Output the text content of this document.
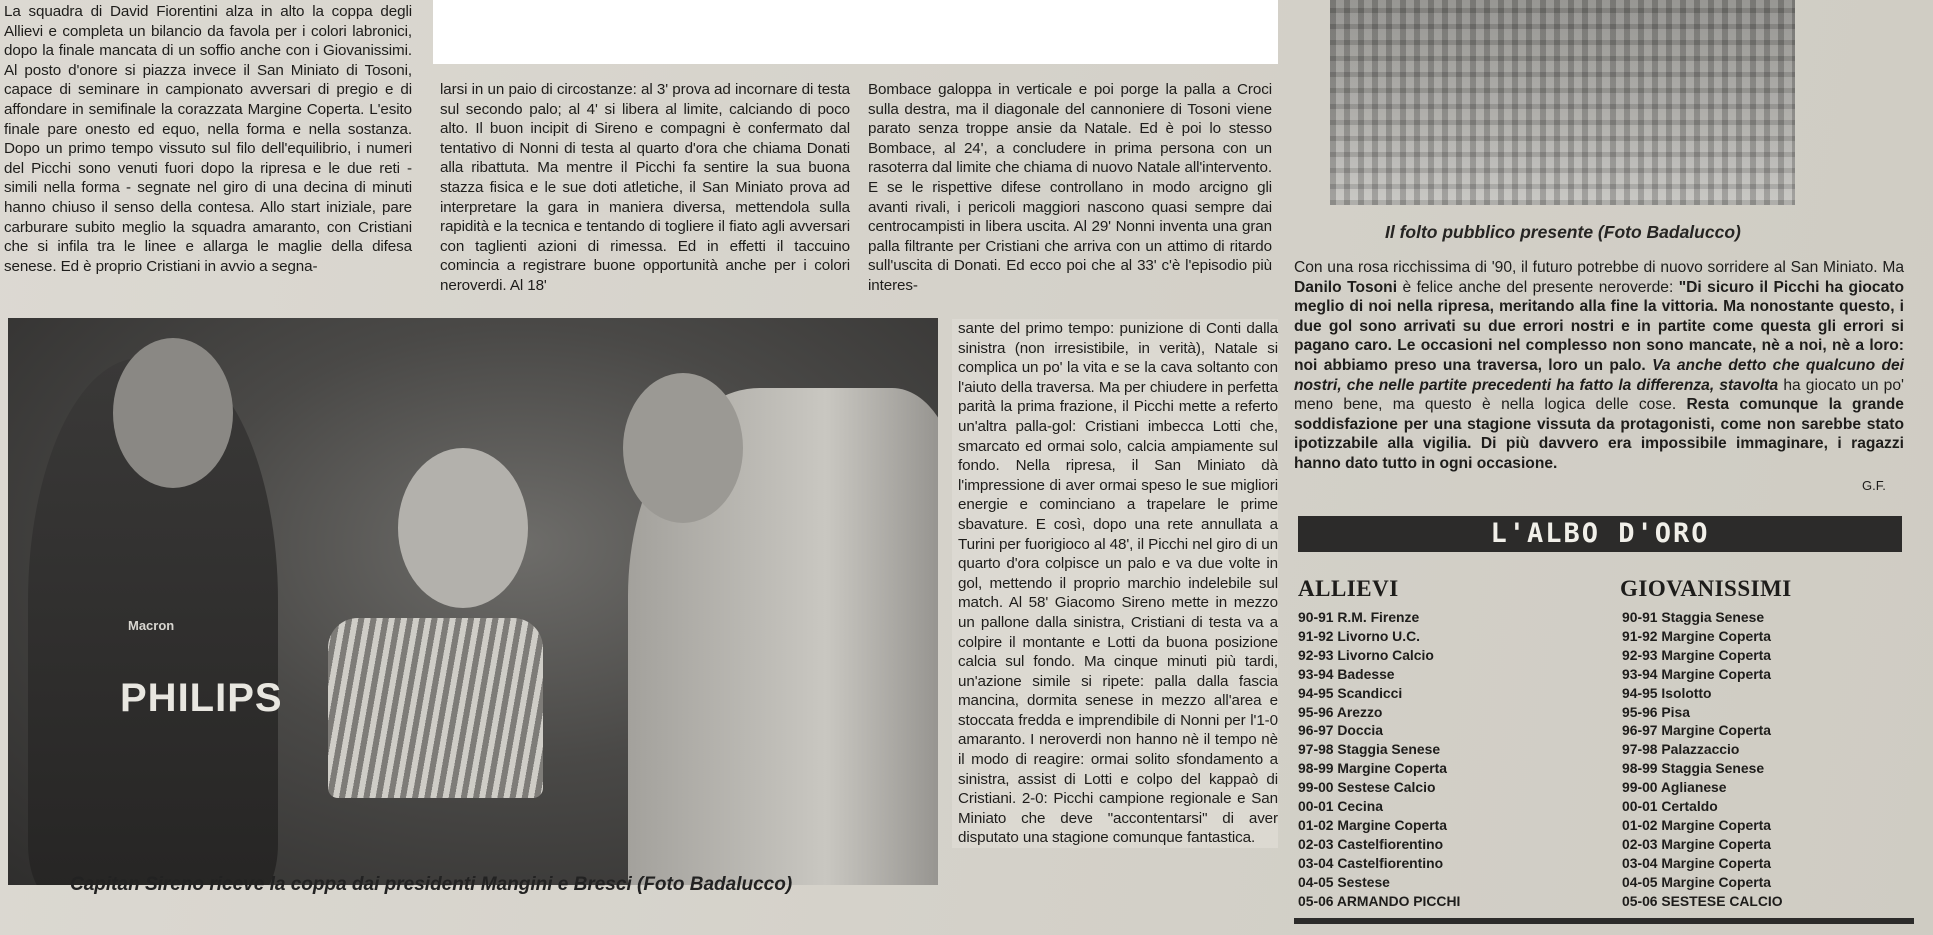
La squadra di David Fiorentini alza in alto la coppa degli Allievi e completa un bilancio da favola per i colori labronici, dopo la finale mancata di un soffio anche con i Giovanissimi. Al posto d'onore si piazza invece il San Miniato di Tosoni, capace di seminare in campionato avversari di pregio e di affondare in semifinale la corazzata Margine Coperta. L'esito finale pare onesto ed equo, nella forma e nella sostanza. Dopo un primo tempo vissuto sul filo dell'equilibrio, i numeri del Picchi sono venuti fuori dopo la ripresa e le due reti - simili nella forma - segnate nel giro di una decina di minuti hanno chiuso il senso della contesa. Allo start iniziale, pare carburare subito meglio la squadra amaranto, con Cristiani che si infila tra le linee e allarga le maglie della difesa senese. Ed è proprio Cristiani in avvio a segna-

larsi in un paio di circostanze: al 3' prova ad incornare di testa sul secondo palo; al 4' si libera al limite, calciando di poco alto. Il buon incipit di Sireno e compagni è confermato dal tentativo di Nonni di testa al quarto d'ora che chiama Donati alla ribattuta. Ma mentre il Picchi fa sentire la sua buona stazza fisica e le sue doti atletiche, il San Miniato prova ad interpretare la gara in maniera diversa, mettendola sulla rapidità e la tecnica e tentando di togliere il fiato agli avversari con taglienti azioni di rimessa. Ed in effetti il taccuino comincia a registrare buone opportunità anche per i colori neroverdi. Al 18'

Bombace galoppa in verticale e poi porge la palla a Croci sulla destra, ma il diagonale del cannoniere di Tosoni viene parato senza troppe ansie da Natale. Ed è poi lo stesso Bombace, al 24', a concludere in prima persona con un rasoterra dal limite che chiama di nuovo Natale all'intervento. E se le rispettive difese controllano in modo arcigno gli avanti rivali, i pericoli maggiori nascono quasi sempre dai centrocampisti in libera uscita. Al 29' Nonni inventa una gran palla filtrante per Cristiani che arriva con un attimo di ritardo sull'uscita di Donati. Ed ecco poi che al 33' c'è l'episodio più interes-

Macron
PHILIPS

sante del primo tempo: punizione di Conti dalla sinistra (non irresistibile, in verità), Natale si complica un po' la vita e se la cava soltanto con l'aiuto della traversa. Ma per chiudere in perfetta parità la prima frazione, il Picchi mette a referto un'altra palla-gol: Cristiani imbecca Lotti che, smarcato ed ormai solo, calcia ampiamente sul fondo. Nella ripresa, il San Miniato dà l'impressione di aver ormai speso le sue migliori energie e cominciano a trapelare le prime sbavature. E così, dopo una rete annullata a Turini per fuorigioco al 48', il Picchi nel giro di un quarto d'ora colpisce un palo e va due volte in gol, mettendo il proprio marchio indelebile sul match. Al 58' Giacomo Sireno mette in mezzo un pallone dalla sinistra, Cristiani di testa va a colpire il montante e Lotti da buona posizione calcia sul fondo. Ma cinque minuti più tardi, un'azione simile si ripete: palla dalla fascia mancina, dormita senese in mezzo all'area e stoccata fredda e imprendibile di Nonni per l'1-0 amaranto. I neroverdi non hanno nè il tempo nè il modo di reagire: ormai solito sfondamento a sinistra, assist di Lotti e colpo del kappaò di Cristiani. 2-0: Picchi campione regionale e San Miniato che deve "accontentarsi" di aver disputato una stagione comunque fantastica.

Capitan Sireno riceve la coppa dai presidenti Mangini e Bresci (Foto Badalucco)
Il folto pubblico presente (Foto Badalucco)

Con una rosa ricchissima di '90, il futuro potrebbe di nuovo sorridere al San Miniato. Ma Danilo Tosoni è felice anche del presente neroverde: "Di sicuro il Picchi ha giocato meglio di noi nella ripresa, meritando alla fine la vittoria. Ma nonostante questo, i due gol sono arrivati su due errori nostri e in partite come questa gli errori si pagano caro. Le occasioni nel complesso non sono mancate, nè a noi, nè a loro: noi abbiamo preso una traversa, loro un palo. Va anche detto che qualcuno dei nostri, che nelle partite precedenti ha fatto la differenza, stavolta ha giocato un po' meno bene, ma questo è nella logica delle cose. Resta comunque la grande soddisfazione per una stagione vissuta da protagonisti, come non sarebbe stato ipotizzabile alla vigilia. Di più davvero era impossibile immaginare, i ragazzi hanno dato tutto in ogni occasione.

G.F.
L'ALBO D'ORO
ALLIEVI	GIOVANISSIMI
90-91 R.M. Firenze
91-92 Livorno U.C.
92-93 Livorno Calcio
93-94 Badesse
94-95 Scandicci
95-96 Arezzo
96-97 Doccia
97-98 Staggia Senese
98-99 Margine Coperta
99-00 Sestese Calcio
00-01 Cecina
01-02 Margine Coperta
02-03 Castelfiorentino
03-04 Castelfiorentino
04-05 Sestese
05-06 ARMANDO PICCHI
90-91 Staggia Senese
91-92 Margine Coperta
92-93 Margine Coperta
93-94 Margine Coperta
94-95 Isolotto
95-96 Pisa
96-97 Margine Coperta
97-98 Palazzaccio
98-99 Staggia Senese
99-00 Aglianese
00-01 Certaldo
01-02 Margine Coperta
02-03 Margine Coperta
03-04 Margine Coperta
04-05 Margine Coperta
05-06 SESTESE CALCIO
